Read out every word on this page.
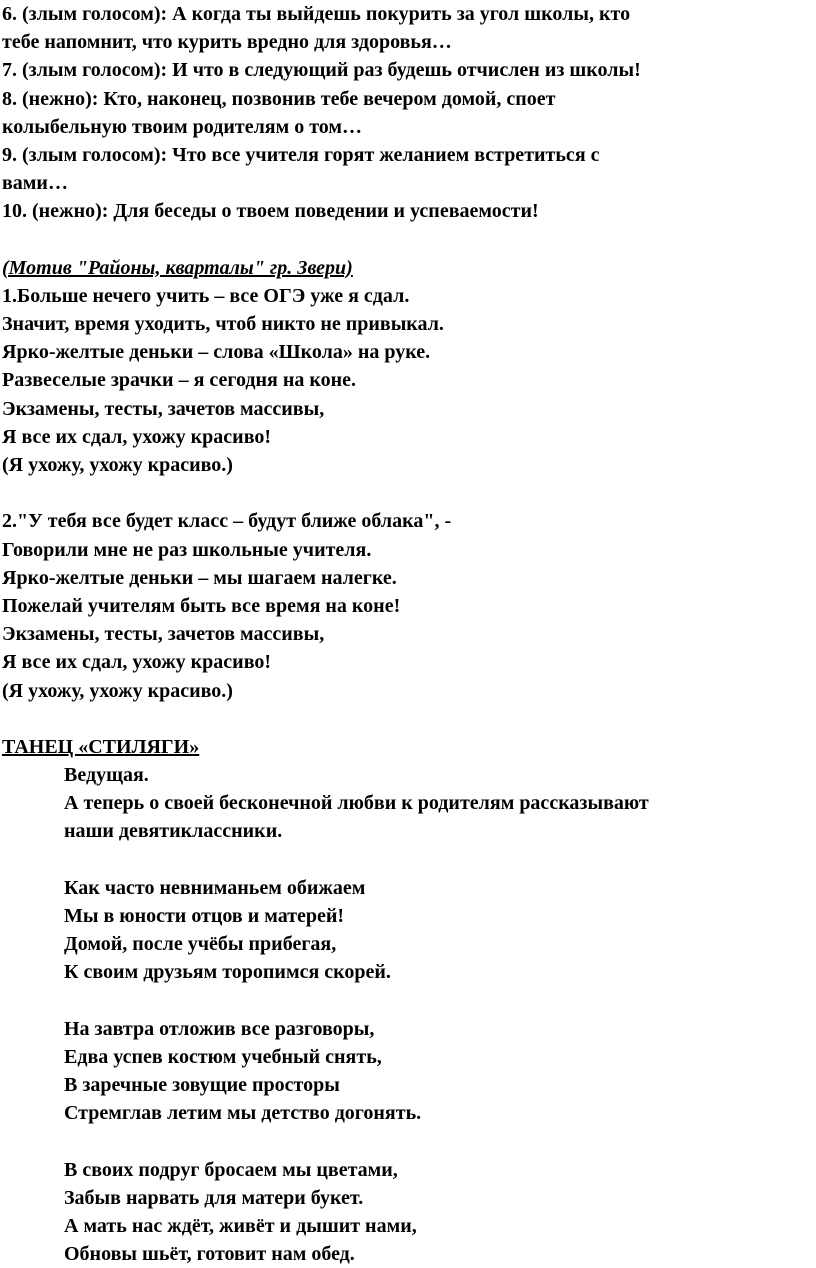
6. (злым голосом): А когда ты выйдешь покурить за угол школы, кто
тебе напомнит, что курить вредно для здоровья…
7. (злым голосом): И что в следующий раз будешь отчислен из школы!
8. (нежно): Кто, наконец, позвонив тебе вечером домой, споет
колыбельную твоим родителям о том…
9. (злым голосом): Что все учителя горят желанием встретиться с
вами…
10. (нежно): Для беседы о твоем поведении и успеваемости!
(Мотив "Районы, кварталы" гр. Звери)
1.Больше нечего учить – все ОГЭ уже я сдал.
Значит, время уходить, чтоб никто не привыкал.
Ярко-желтые деньки – слова «Школа» на руке.
Развеселые зрачки – я сегодня на коне.
Экзамены, тесты, зачетов массивы,
Я все их сдал, ухожу красиво!
(Я ухожу, ухожу красиво.)
2."У тебя все будет класс – будут ближе облака", -
Говорили мне не раз школьные учителя.
Ярко-желтые деньки – мы шагаем налегке.
Пожелай учителям быть все время на коне!
Экзамены, тесты, зачетов массивы,
Я все их сдал, ухожу красиво!
(Я ухожу, ухожу красиво.)
ТАНЕЦ «СТИЛЯГИ»
Ведущая.
А теперь о своей бесконечной любви к родителям рассказывают
наши девятиклассники.
Как часто невниманьем обижаем
Мы в юности отцов и матерей!
Домой, после учёбы прибегая,
К своим друзьям торопимся скорей.
На завтра отложив все разговоры,
Едва успев костюм учебный снять,
В заречные зовущие просторы
Стремглав летим мы детство догонять.
В своих подруг бросаем мы цветами,
Забыв нарвать для матери букет.
А мать нас ждёт, живёт и дышит нами,
Обновы шьёт, готовит нам обед.
